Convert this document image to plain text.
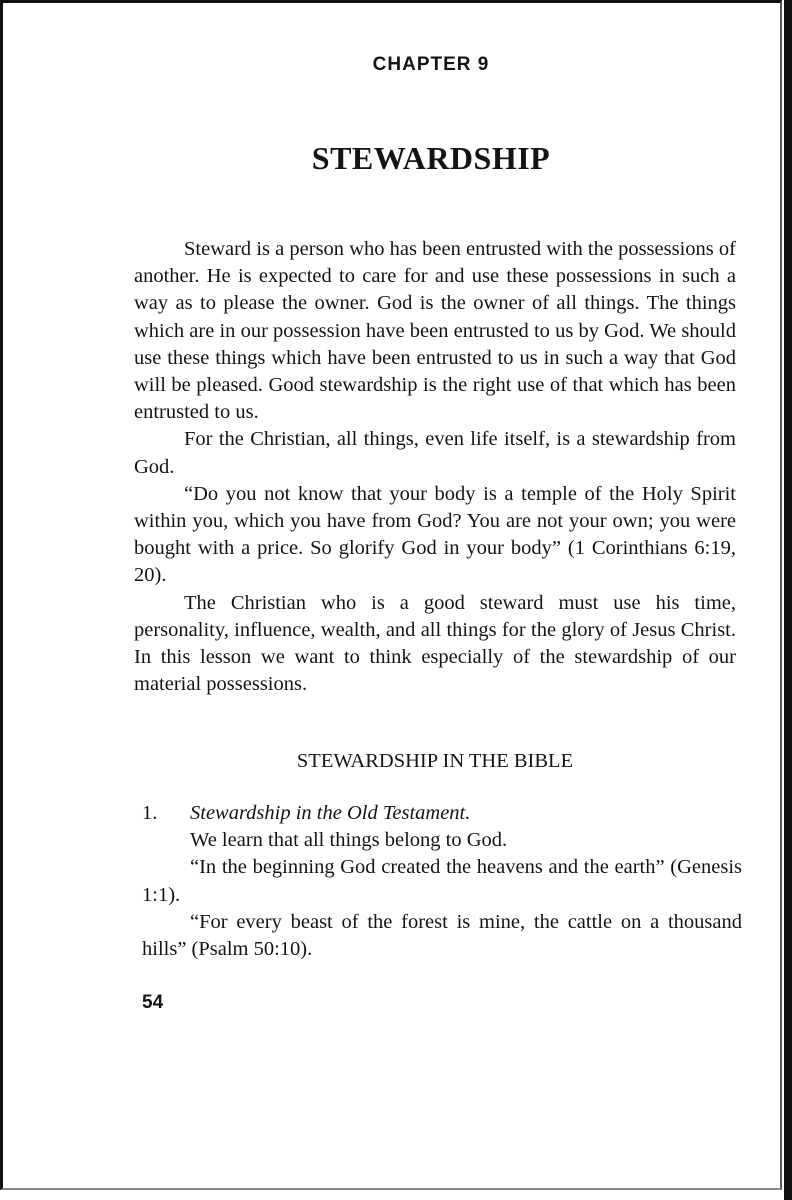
CHAPTER 9
STEWARDSHIP

Steward is a person who has been entrusted with the possessions of another. He is expected to care for and use these possessions in such a way as to please the owner. God is the owner of all things. The things which are in our possession have been entrusted to us by God. We should use these things which have been entrusted to us in such a way that God will be pleased. Good stewardship is the right use of that which has been entrusted to us.

For the Christian, all things, even life itself, is a stewardship from God.

“Do you not know that your body is a temple of the Holy Spirit within you, which you have from God? You are not your own; you were bought with a price. So glorify God in your body” (1 Corinthians 6:19, 20).

The Christian who is a good steward must use his time, personality, influence, wealth, and all things for the glory of Jesus Christ. In this lesson we want to think especially of the stewardship of our material possessions.

STEWARDSHIP IN THE BIBLE
1.	Stewardship in the Old Testament.

We learn that all things belong to God.

“In the beginning God created the heavens and the earth” (Genesis 1:1).

“For every beast of the forest is mine, the cattle on a thousand hills” (Psalm 50:10).

54
